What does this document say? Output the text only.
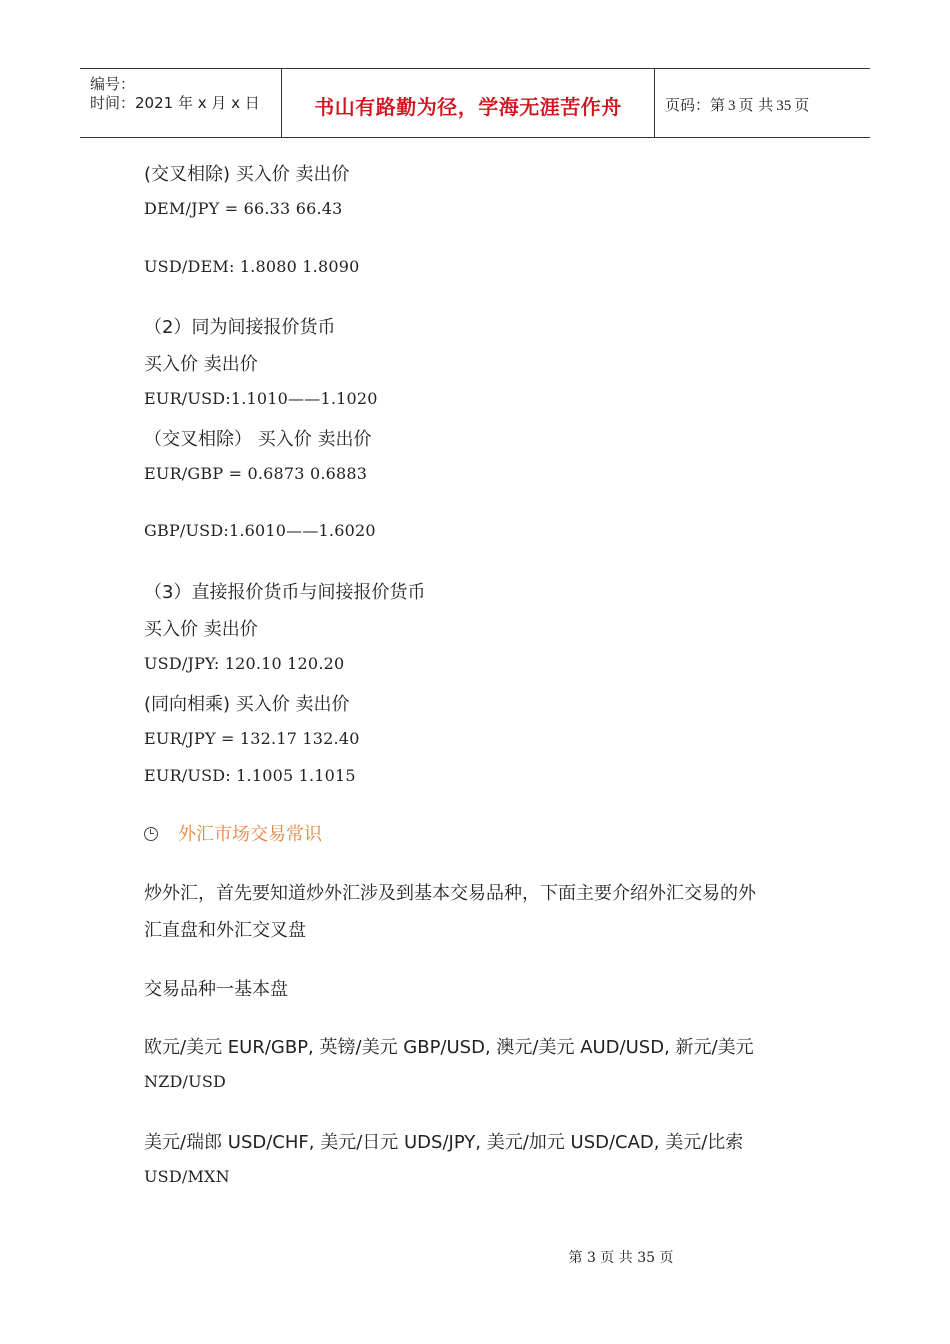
编号：
时间：2021 年 x 月 x 日	书山有路勤为径，学海无涯苦作舟	页码：第 3 页 共 35 页
(交叉相除) 买入价 卖出价
DEM/JPY = 66.33 66.43
USD/DEM: 1.8080 1.8090
（2）同为间接报价货币
买入价 卖出价
EUR/USD:1.1010——1.1020
（交叉相除） 买入价 卖出价
EUR/GBP = 0.6873 0.6883
GBP/USD:1.6010——1.6020
（3）直接报价货币与间接报价货币
买入价 卖出价
USD/JPY: 120.10 120.20
(同向相乘) 买入价 卖出价
EUR/JPY = 132.17 132.40
EUR/USD: 1.1005 1.1015
外汇市场交易常识
炒外汇，首先要知道炒外汇涉及到基本交易品种，下面主要介绍外汇交易的外
汇直盘和外汇交叉盘
交易品种一基本盘
欧元/美元 EUR/GBP, 英镑/美元 GBP/USD, 澳元/美元 AUD/USD, 新元/美元
NZD/USD
美元/瑞郎 USD/CHF, 美元/日元 UDS/JPY, 美元/加元 USD/CAD, 美元/比索
USD/MXN
第 3 页 共 35 页
